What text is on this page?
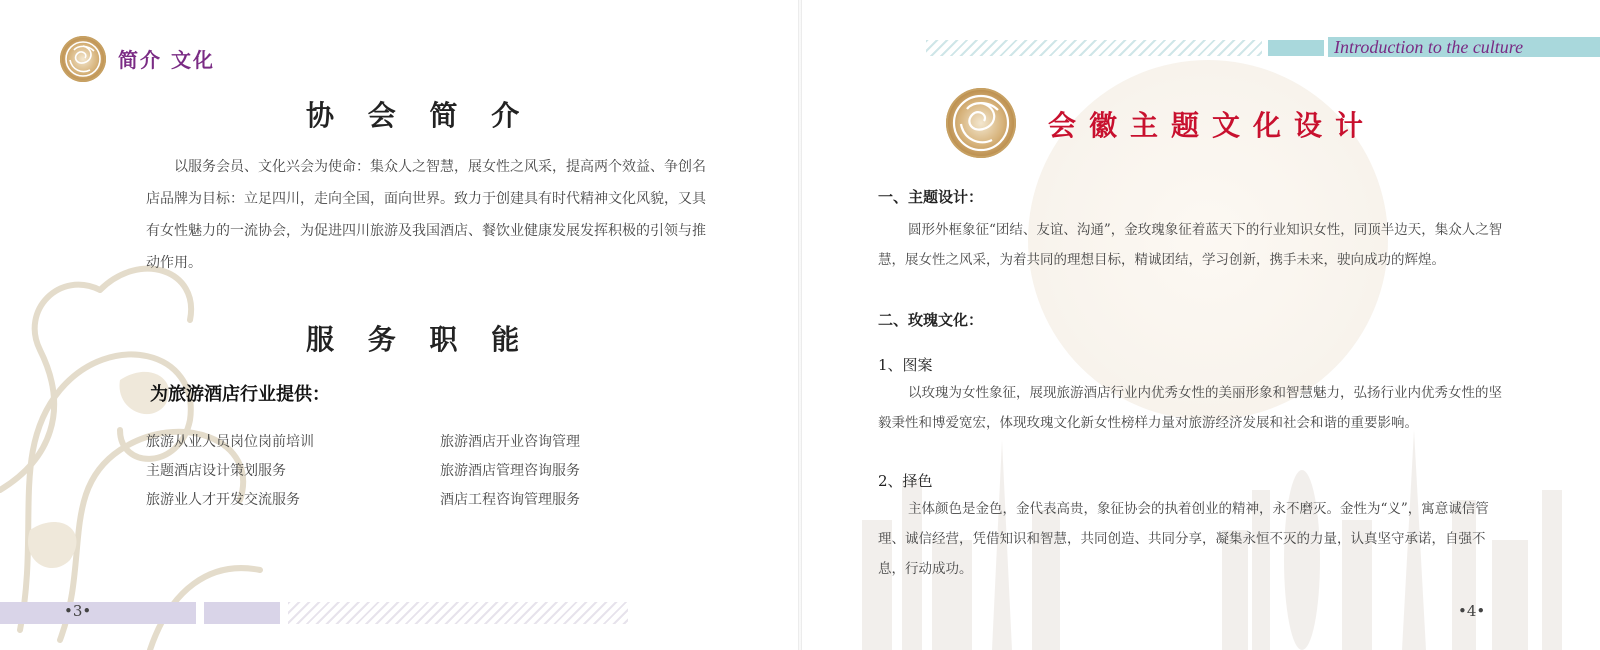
简介 文化
协 会 简 介
以服务会员、文化兴会为使命：集众人之智慧，展女性之风采，提高两个效益、争创名店品牌为目标：立足四川，走向全国，面向世界。致力于创建具有时代精神文化风貌，又具有女性魅力的一流协会，为促进四川旅游及我国酒店、餐饮业健康发展发挥积极的引领与推动作用。
服 务 职 能
为旅游酒店行业提供：
旅游从业人员岗位岗前培训
主题酒店设计策划服务
旅游业人才开发交流服务
旅游酒店开业咨询管理
旅游酒店管理咨询服务
酒店工程咨询管理服务
•3•
Introduction to the culture
会徽主题文化设计
一、主题设计：
圆形外框象征“团结、友谊、沟通”，金玫瑰象征着蓝天下的行业知识女性，同顶半边天，集众人之智慧，展女性之风采，为着共同的理想目标，精诚团结，学习创新，携手未来，驶向成功的辉煌。
二、玫瑰文化：
1、图案
以玫瑰为女性象征，展现旅游酒店行业内优秀女性的美丽形象和智慧魅力，弘扬行业内优秀女性的坚毅秉性和博爱宽宏，体现玫瑰文化新女性榜样力量对旅游经济发展和社会和谐的重要影响。
2、择色
主体颜色是金色，金代表高贵，象征协会的执着创业的精神，永不磨灭。金性为“义”，寓意诚信管理、诚信经营，凭借知识和智慧，共同创造、共同分享，凝集永恒不灭的力量，认真坚守承诺，自强不息，行动成功。
•4•
